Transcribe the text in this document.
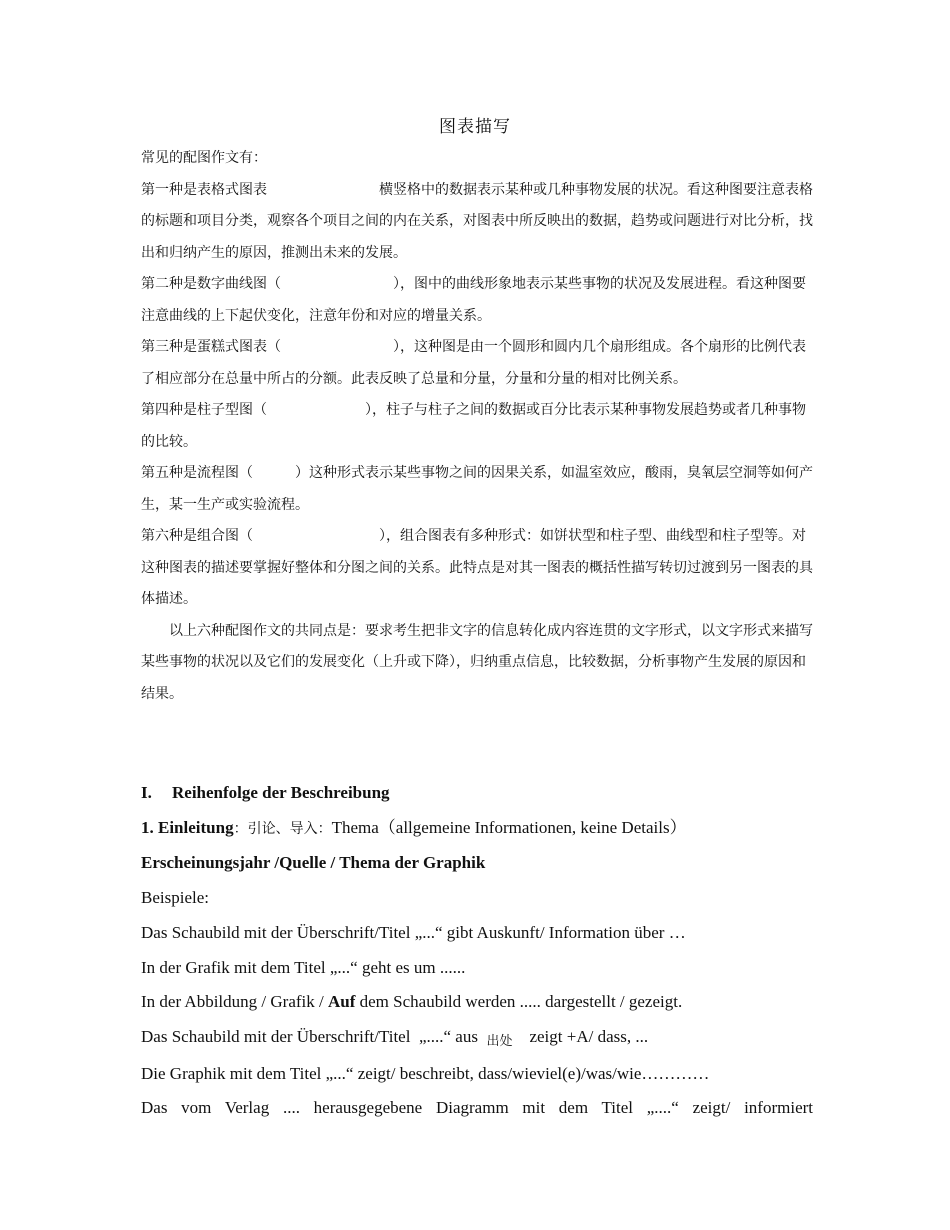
图表描写

常见的配图作文有：

第一种是表格式图表	横竖格中的数据表示某种或几种事物发展的状况。看这种图要注意表格的标题和项目分类，观察各个项目之间的内在关系，对图表中所反映出的数据，趋势或问题进行对比分析，找出和归纳产生的原因，推测出未来的发展。

第二种是数字曲线图（	），图中的曲线形象地表示某些事物的状况及发展进程。看这种图要注意曲线的上下起伏变化，注意年份和对应的增量关系。

第三种是蛋糕式图表（	），这种图是由一个圆形和圆内几个扇形组成。各个扇形的比例代表了相应部分在总量中所占的分额。此表反映了总量和分量，分量和分量的相对比例关系。

第四种是柱子型图（	），柱子与柱子之间的数据或百分比表示某种事物发展趋势或者几种事物的比较。

第五种是流程图（	）这种形式表示某些事物之间的因果关系，如温室效应，酸雨，臭氧层空洞等如何产生，某一生产或实验流程。

第六种是组合图（	），组合图表有多种形式：如饼状型和柱子型、曲线型和柱子型等。对这种图表的描述要掌握好整体和分图之间的关系。此特点是对其一图表的概括性描写转切过渡到另一图表的具体描述。

以上六种配图作文的共同点是：要求考生把非文字的信息转化成内容连贯的文字形式，以文字形式来描写某些事物的状况以及它们的发展变化（上升或下降），归纳重点信息，比较数据，分析事物产生发展的原因和结果。

I. Reihenfolge der Beschreibung

1. Einleitung：引论、导入：Thema（allgemeine Informationen, keine Details）

Erscheinungsjahr /Quelle / Thema der Graphik

Beispiele:

Das Schaubild mit der Überschrift/Titel „...“ gibt Auskunft/ Information über …

In der Grafik mit dem Titel „...“ geht es um ......

In der Abbildung / Grafik / Auf dem Schaubild werden ..... dargestellt / gezeigt.

Das Schaubild mit der Überschrift/Titel  „....“ aus  出处    zeigt +A/ dass, ...

Die Graphik mit dem Titel „...“ zeigt/ beschreibt, dass/wieviel(e)/was/wie…………

Das vom Verlag .... herausgegebene Diagramm mit dem Titel „....“ zeigt/ informiert
